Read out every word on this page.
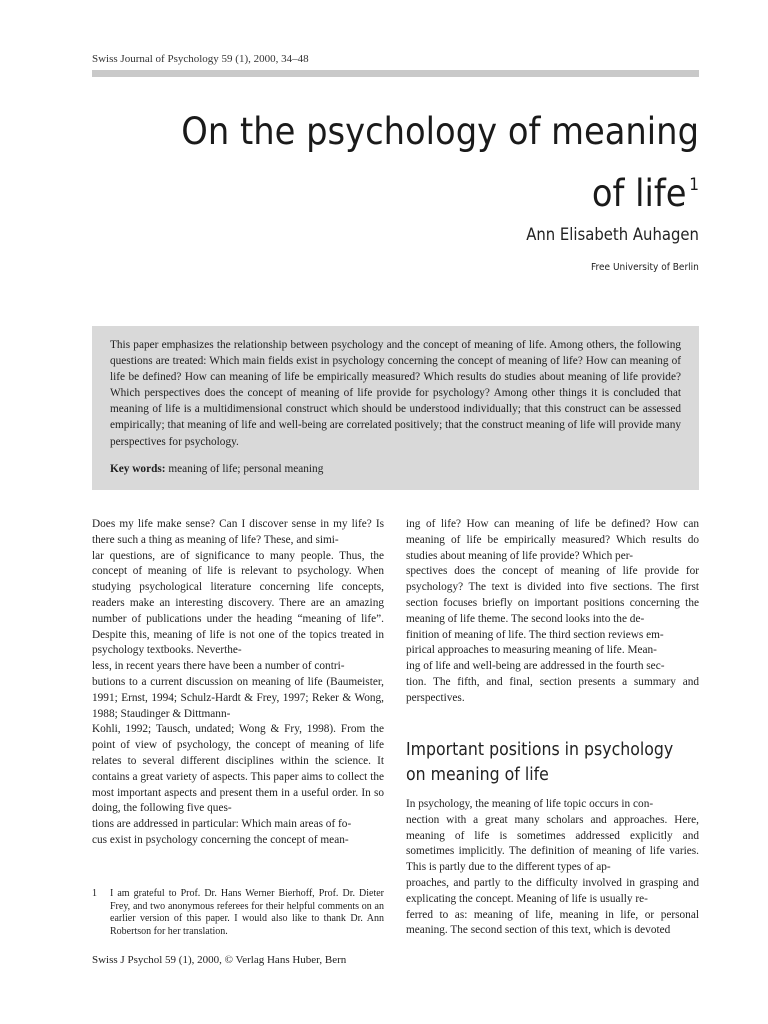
Swiss Journal of Psychology 59 (1), 2000, 34–48
On the psychology of meaning
of life $^1$
Ann Elisabeth Auhagen
Free University of Berlin

This paper emphasizes the relationship between psychology and the concept of meaning of life. Among others, the following questions are treated: Which main fields exist in psychology concerning the concept of meaning of life? How can meaning of life be defined? How can meaning of life be empirically measured? Which results do studies about meaning of life provide? Which perspectives does the concept of meaning of life provide for psychology? Among other things it is concluded that meaning of life is a multidimensional construct which should be understood individually; that this construct can be assessed empirically; that meaning of life and well-being are correlated positively; that the construct meaning of life will provide many perspectives for psychology.

Key words: meaning of life; personal meaning

Does my life make sense? Can I discover sense in my life? Is there such a thing as meaning of life? These, and simi-
lar questions, are of significance to many people. Thus, the concept of meaning of life is relevant to psychology. When studying psychological literature concerning life concepts, readers make an interesting discovery. There are an amazing number of publications under the heading “meaning of life”. Despite this, meaning of life is not one of the topics treated in psychology textbooks. Neverthe-
less, in recent years there have been a number of contri-
butions to a current discussion on meaning of life (Baumeister, 1991; Ernst, 1994; Schulz-Hardt & Frey, 1997; Reker & Wong, 1988; Staudinger & Dittmann-
Kohli, 1992; Tausch, undated; Wong & Fry, 1998). From the point of view of psychology, the concept of meaning of life relates to several different disciplines within the science. It contains a great variety of aspects. This paper aims to collect the most important aspects and present them in a useful order. In so doing, the following five ques-
tions are addressed in particular: Which main areas of fo-
cus exist in psychology concerning the concept of mean-

ing of life? How can meaning of life be defined? How can meaning of life be empirically measured? Which results do studies about meaning of life provide? Which per-
spectives does the concept of meaning of life provide for psychology? The text is divided into five sections. The first section focuses briefly on important positions concerning the meaning of life theme. The second looks into the de-
finition of meaning of life. The third section reviews em-
pirical approaches to measuring meaning of life. Mean-
ing of life and well-being are addressed in the fourth sec-
tion. The fifth, and final, section presents a summary and perspectives.

Important positions in psychology on meaning of life

In psychology, the meaning of life topic occurs in con-
nection with a great many scholars and approaches. Here, meaning of life is sometimes addressed explicitly and sometimes implicitly. The definition of meaning of life varies. This is partly due to the different types of ap-
proaches, and partly to the difficulty involved in grasping and explicating the concept. Meaning of life is usually re-
ferred to as: meaning of life, meaning in life, or personal meaning. The second section of this text, which is devoted

1 I am grateful to Prof. Dr. Hans Werner Bierhoff, Prof. Dr. Dieter Frey, and two anonymous referees for their helpful comments on an earlier version of this paper. I would also like to thank Dr. Ann Robertson for her translation.

Swiss J Psychol 59 (1), 2000, © Verlag Hans Huber, Bern
